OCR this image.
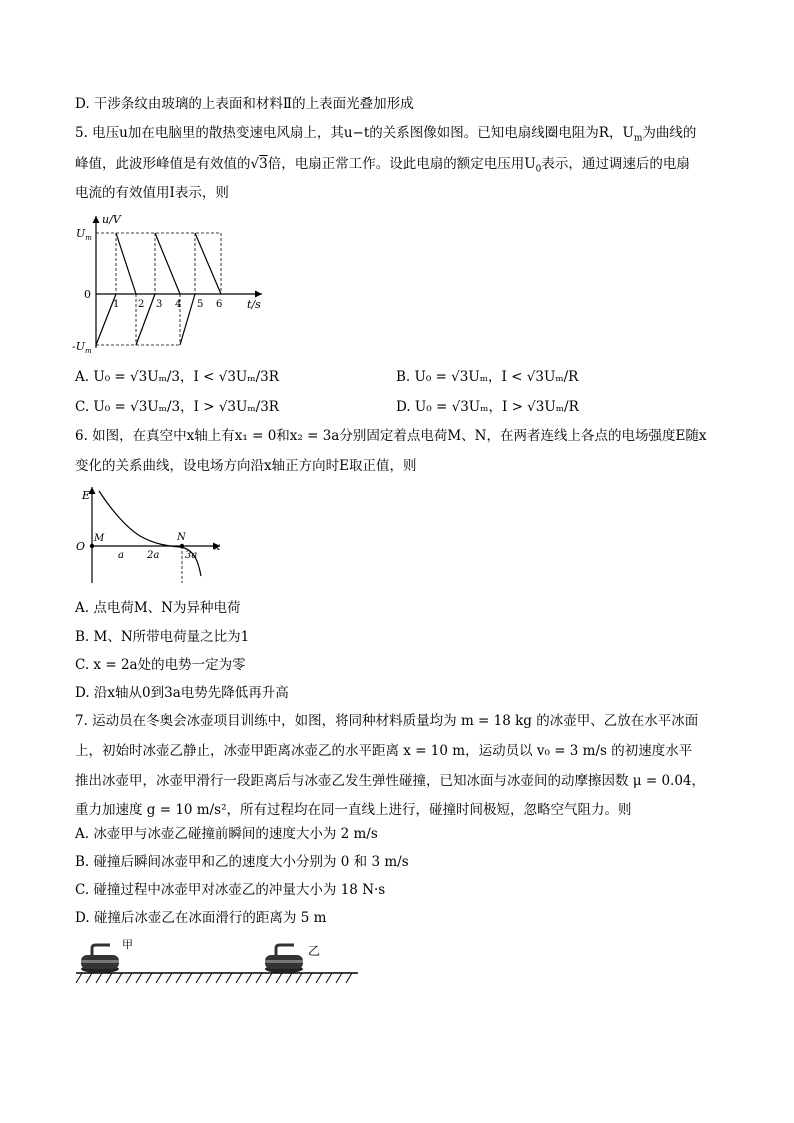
D. 干涉条纹由玻璃的上表面和材料Ⅱ的上表面光叠加形成
5. 电压u加在电脑里的散热变速电风扇上，其u−t的关系图像如图。已知电扇线圈电阻为R，$U_m$为曲线的
峰值，此波形峰值是有效值的√3倍，电扇正常工作。设此电扇的额定电压用$U_0$表示，通过调速后的电扇
电流的有效值用I表示，则
u/V
t/s
$U_m$
$-U_m$
0
1 2 3 4 5 6
A. U₀ = √3Uₘ/3，I < √3Uₘ/3R	B. U₀ = √3Uₘ，I < √3Uₘ/R
C. U₀ = √3Uₘ/3，I > √3Uₘ/3R	D. U₀ = √3Uₘ，I > √3Uₘ/R
6. 如图，在真空中x轴上有x₁ = 0和x₂ = 3a分别固定着点电荷M、N，在两者连线上各点的电场强度E随x
变化的关系曲线，设电场方向沿x轴正方向时E取正值，则
E
x
O
M	N
a 2a	3a
A. 点电荷M、N为异种电荷
B. M、N所带电荷量之比为1
C. x = 2a处的电势一定为零
D. 沿x轴从0到3a电势先降低再升高
7. 运动员在冬奥会冰壶项目训练中，如图，将同种材料质量均为 m = 18 kg 的冰壶甲、乙放在水平冰面
上，初始时冰壶乙静止，冰壶甲距离冰壶乙的水平距离 x = 10 m，运动员以 v₀ = 3 m/s 的初速度水平
推出冰壶甲，冰壶甲滑行一段距离后与冰壶乙发生弹性碰撞，已知冰面与冰壶间的动摩擦因数 μ = 0.04，
重力加速度 g = 10 m/s²，所有过程均在同一直线上进行，碰撞时间极短，忽略空气阻力。则
A. 冰壶甲与冰壶乙碰撞前瞬间的速度大小为 2 m/s
B. 碰撞后瞬间冰壶甲和乙的速度大小分别为 0 和 3 m/s
C. 碰撞过程中冰壶甲对冰壶乙的冲量大小为 18 N·s
D. 碰撞后冰壶乙在冰面滑行的距离为 5 m
甲	乙
